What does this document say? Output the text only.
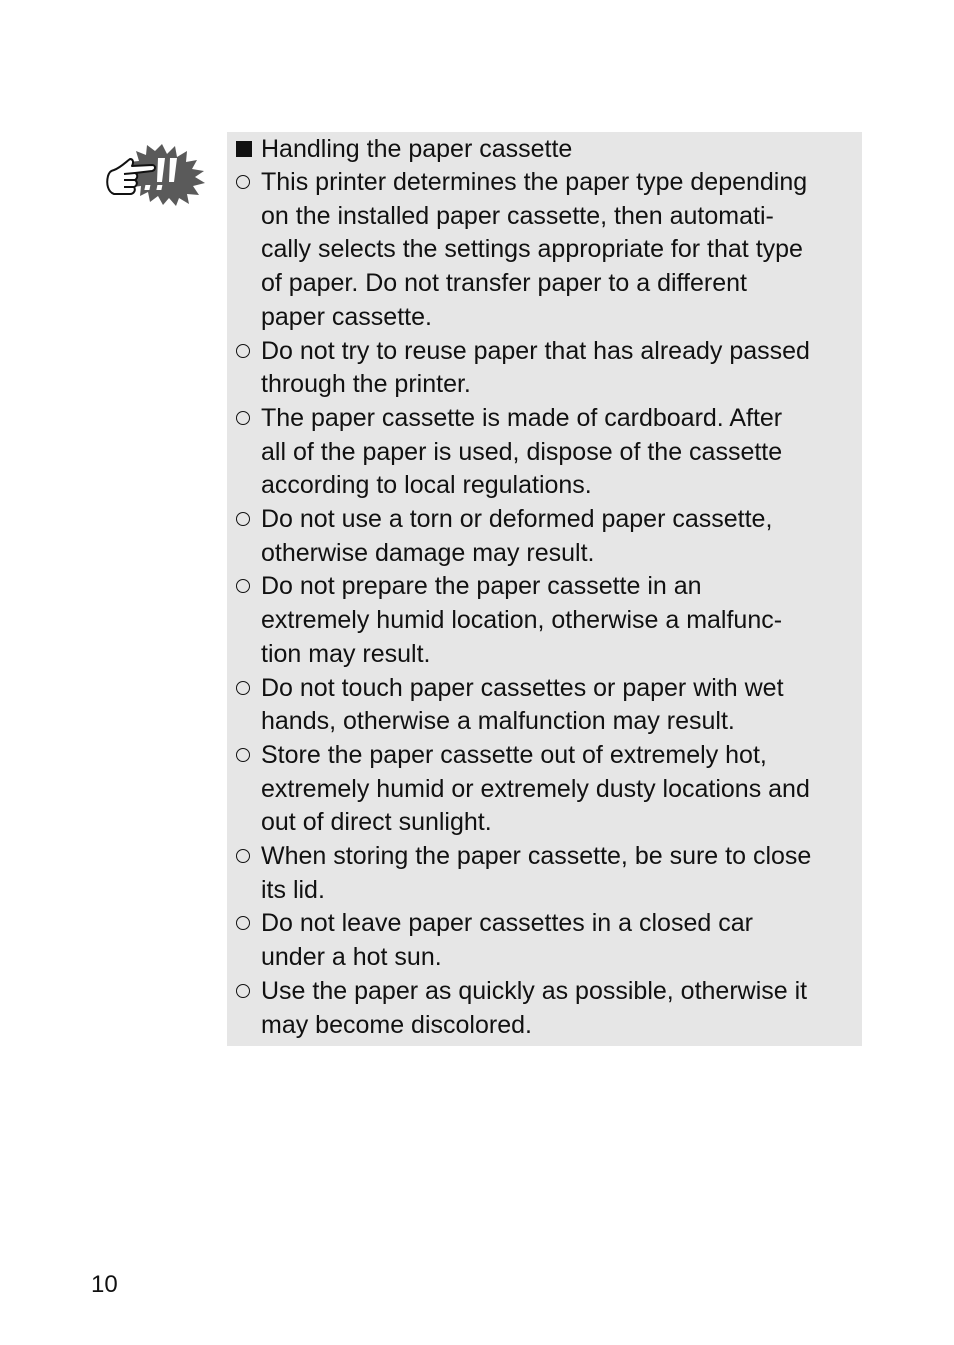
Handling the paper cassette
This printer determines the paper type depending
on the installed paper cassette, then automati-
cally selects the settings appropriate for that type
of paper. Do not transfer paper to a different
paper cassette.
Do not try to reuse paper that has already passed
through the printer.
The paper cassette is made of cardboard. After
all of the paper is used, dispose of the cassette
according to local regulations.
Do not use a torn or deformed paper cassette,
otherwise damage may result.
Do not prepare the paper cassette in an
extremely humid location, otherwise a malfunc-
tion may result.
Do not touch paper cassettes or paper with wet
hands, otherwise a malfunction may result.
Store the paper cassette out of extremely hot,
extremely humid or extremely dusty locations and
out of direct sunlight.
When storing the paper cassette, be sure to close
its lid.
Do not leave paper cassettes in a closed car
under a hot sun.
Use the paper as quickly as possible, otherwise it
may become discolored.
10
